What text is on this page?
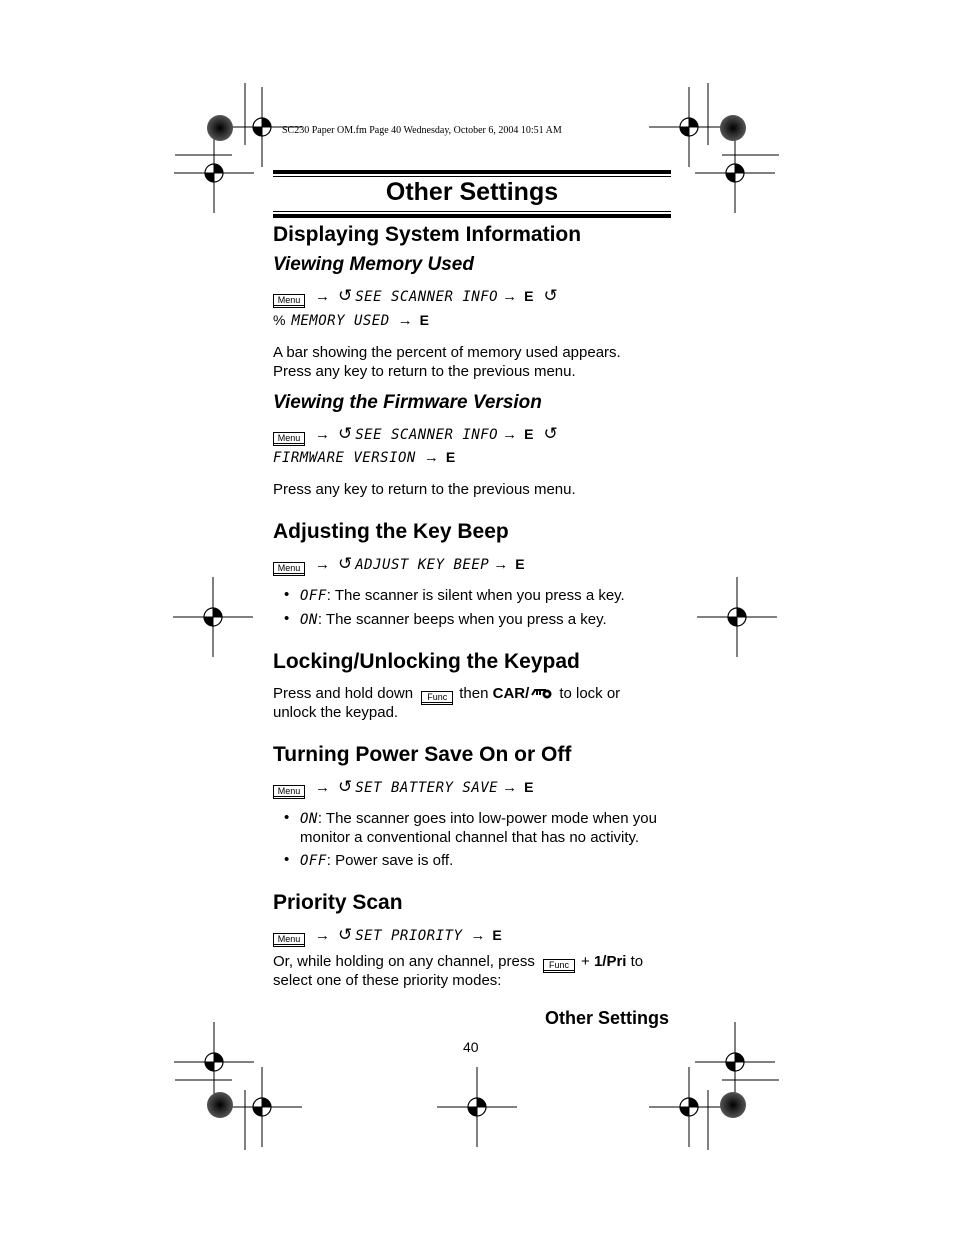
SC230 Paper OM.fm Page 40 Wednesday, October 6, 2004 10:51 AM
Other Settings
Displaying System Information
Viewing Memory Used
Menu → ↺ SEE SCANNER INFO → E ↺
% MEMORY USED → E
A bar showing the percent of memory used appears.
Press any key to return to the previous menu.
Viewing the Firmware Version
Menu → ↺ SEE SCANNER INFO → E ↺
FIRMWARE VERSION → E
Press any key to return to the previous menu.
Adjusting the Key Beep
Menu → ↺ ADJUST KEY BEEP → E
• OFF: The scanner is silent when you press a key.
• ON: The scanner beeps when you press a key.
Locking/Unlocking the Keypad
Press and hold down Func then CAR/ to lock or
unlock the keypad.
Turning Power Save On or Off
Menu → ↺ SET BATTERY SAVE → E
• ON: The scanner goes into low-power mode when you
monitor a conventional channel that has no activity.
• OFF: Power save is off.
Priority Scan
Menu → ↺ SET PRIORITY → E
Or, while holding on any channel, press Func + 1/Pri to
select one of these priority modes:
Other Settings
40
